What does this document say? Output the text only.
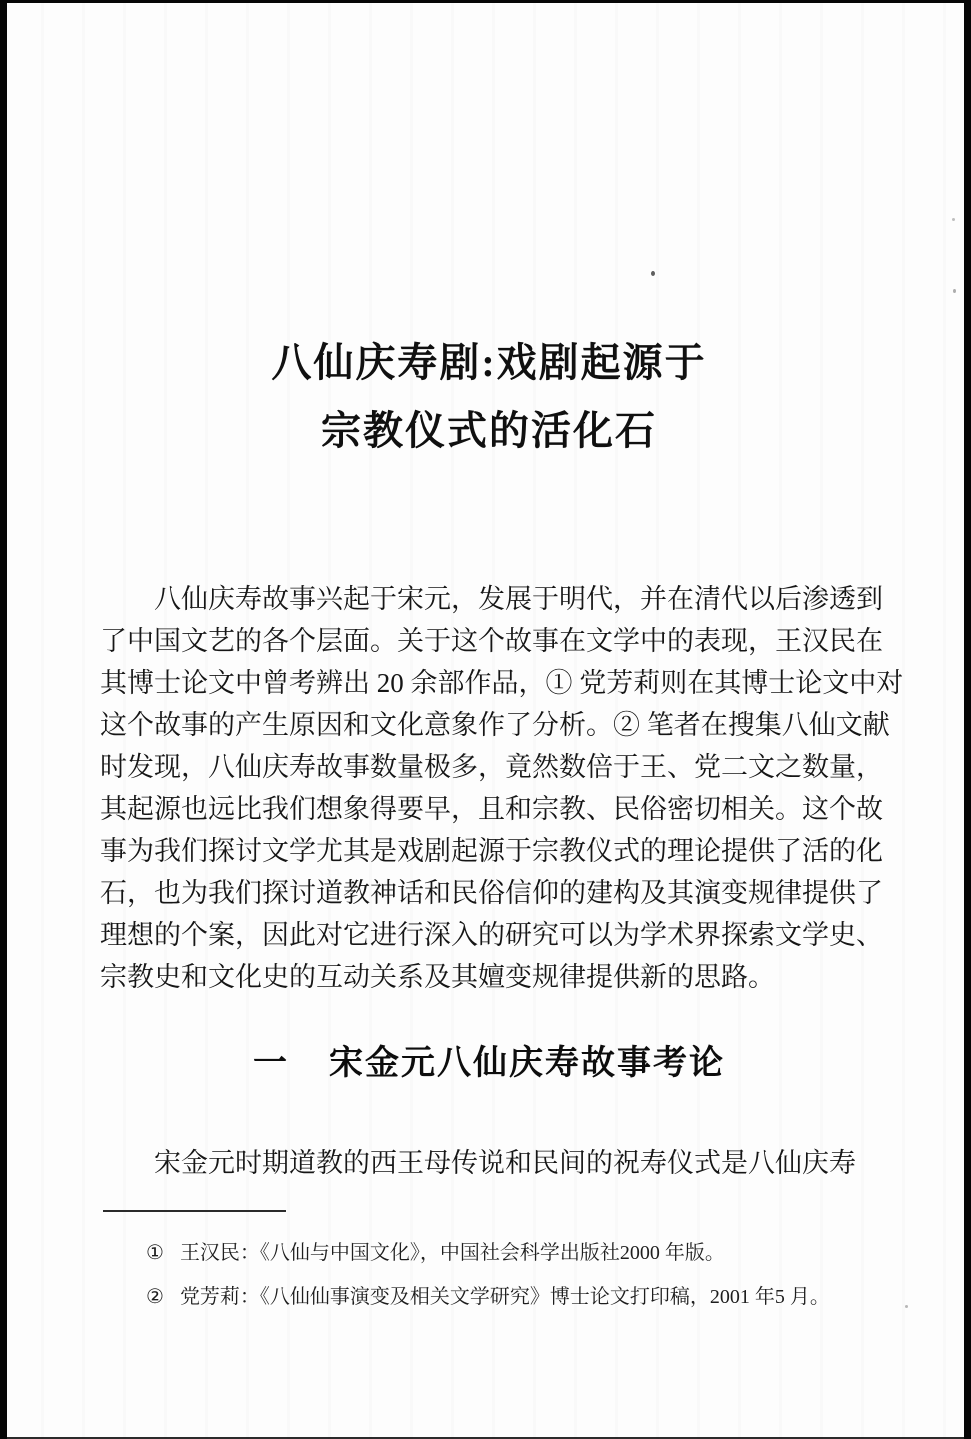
八仙庆寿剧:戏剧起源于
宗教仪式的活化石
八仙庆寿故事兴起于宋元，发展于明代，并在清代以后渗透到
了中国文艺的各个层面。关于这个故事在文学中的表现，王汉民在
其博士论文中曾考辨出 20 余部作品，① 党芳莉则在其博士论文中对
这个故事的产生原因和文化意象作了分析。② 笔者在搜集八仙文献
时发现，八仙庆寿故事数量极多，竟然数倍于王、党二文之数量，
其起源也远比我们想象得要早，且和宗教、民俗密切相关。这个故
事为我们探讨文学尤其是戏剧起源于宗教仪式的理论提供了活的化
石，也为我们探讨道教神话和民俗信仰的建构及其演变规律提供了
理想的个案，因此对它进行深入的研究可以为学术界探索文学史、
宗教史和文化史的互动关系及其嬗变规律提供新的思路。
一 宋金元八仙庆寿故事考论
宋金元时期道教的西王母传说和民间的祝寿仪式是八仙庆寿
① 王汉民：《八仙与中国文化》，中国社会科学出版社2000 年版。
② 党芳莉：《八仙仙事演变及相关文学研究》博士论文打印稿，2001 年5 月。
